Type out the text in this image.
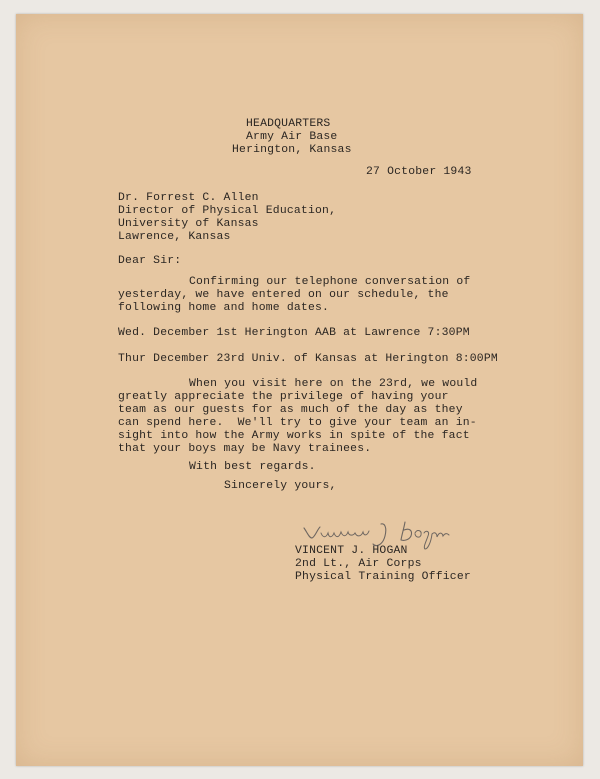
HEADQUARTERS
Army Air Base
Herington, Kansas
27 October 1943
Dr. Forrest C. Allen
Director of Physical Education,
University of Kansas
Lawrence, Kansas
Dear Sir:
Confirming our telephone conversation of
yesterday, we have entered on our schedule, the
following home and home dates.
Wed. December 1st Herington AAB at Lawrence 7:30PM
Thur December 23rd Univ. of Kansas at Herington 8:00PM
When you visit here on the 23rd, we would
greatly appreciate the privilege of having your
team as our guests for as much of the day as they
can spend here.  We'll try to give your team an in-
sight into how the Army works in spite of the fact
that your boys may be Navy trainees.
With best regards.
Sincerely yours,
VINCENT J. HOGAN
2nd Lt., Air Corps
Physical Training Officer
